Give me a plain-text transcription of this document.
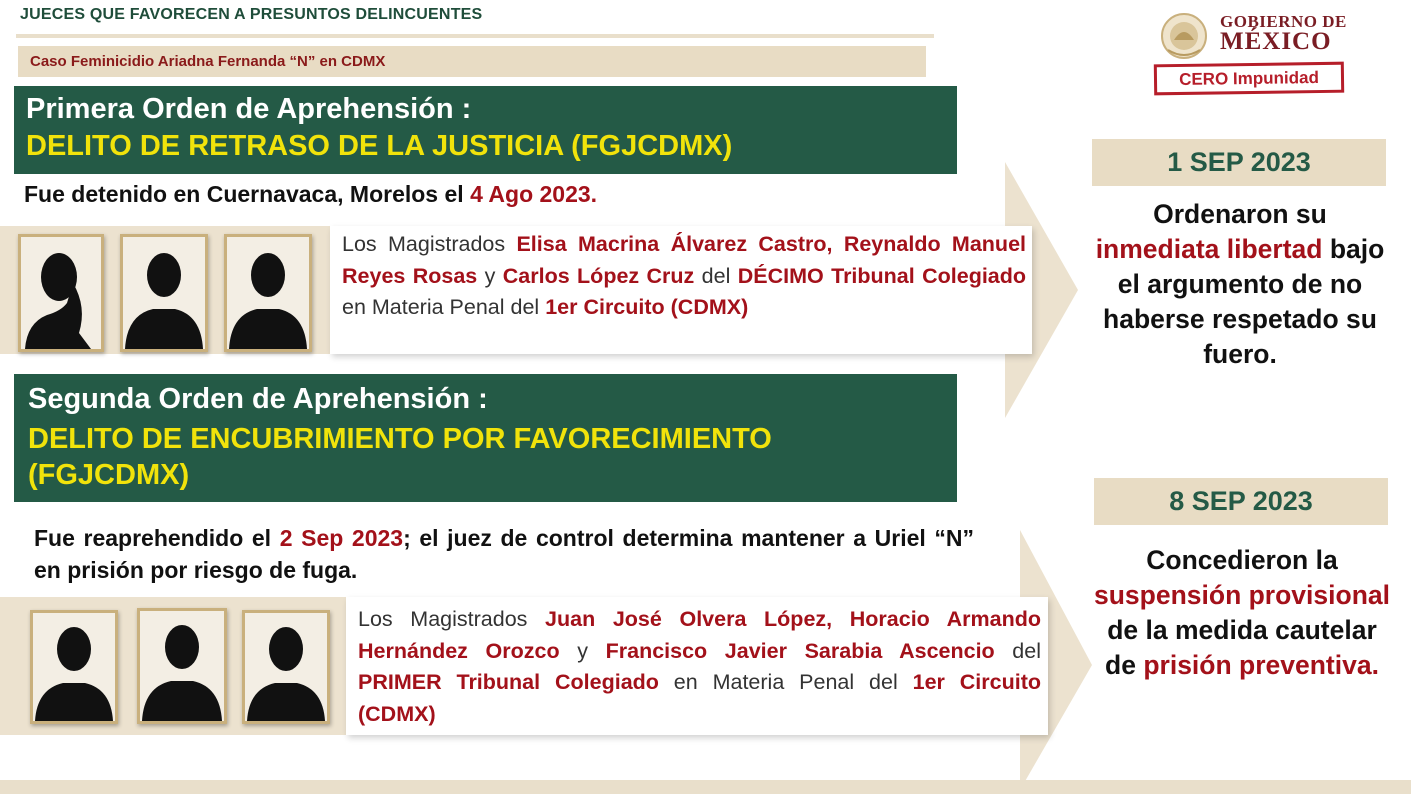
JUECES QUE FAVORECEN A PRESUNTOS DELINCUENTES
Caso Feminicidio Ariadna Fernanda “N” en CDMX
GOBIERNO DE
MÉXICO
CERO Impunidad
Primera Orden de Aprehensión :
DELITO DE RETRASO DE LA JUSTICIA (FGJCDMX)
Fue detenido en Cuernavaca, Morelos el 4 Ago 2023.
Los Magistrados Elisa Macrina Álvarez Castro, Reynaldo Manuel Reyes Rosas y Carlos López Cruz del DÉCIMO Tribunal Colegiado en Materia Penal del 1er Circuito (CDMX)
Segunda Orden de Aprehensión :
DELITO DE ENCUBRIMIENTO POR FAVORECIMIENTO (FGJCDMX)
Fue reaprehendido el 2 Sep 2023; el juez de control determina mantener a Uriel “N” en prisión por riesgo de fuga.
Los Magistrados Juan José Olvera López, Horacio Armando Hernández Orozco y Francisco Javier Sarabia Ascencio del PRIMER Tribunal Colegiado en Materia Penal del 1er Circuito (CDMX)
1 SEP 2023
Ordenaron su inmediata libertad bajo el argumento de no haberse respetado su fuero.
8 SEP 2023
Concedieron la suspensión provisional de la medida cautelar de prisión preventiva.
